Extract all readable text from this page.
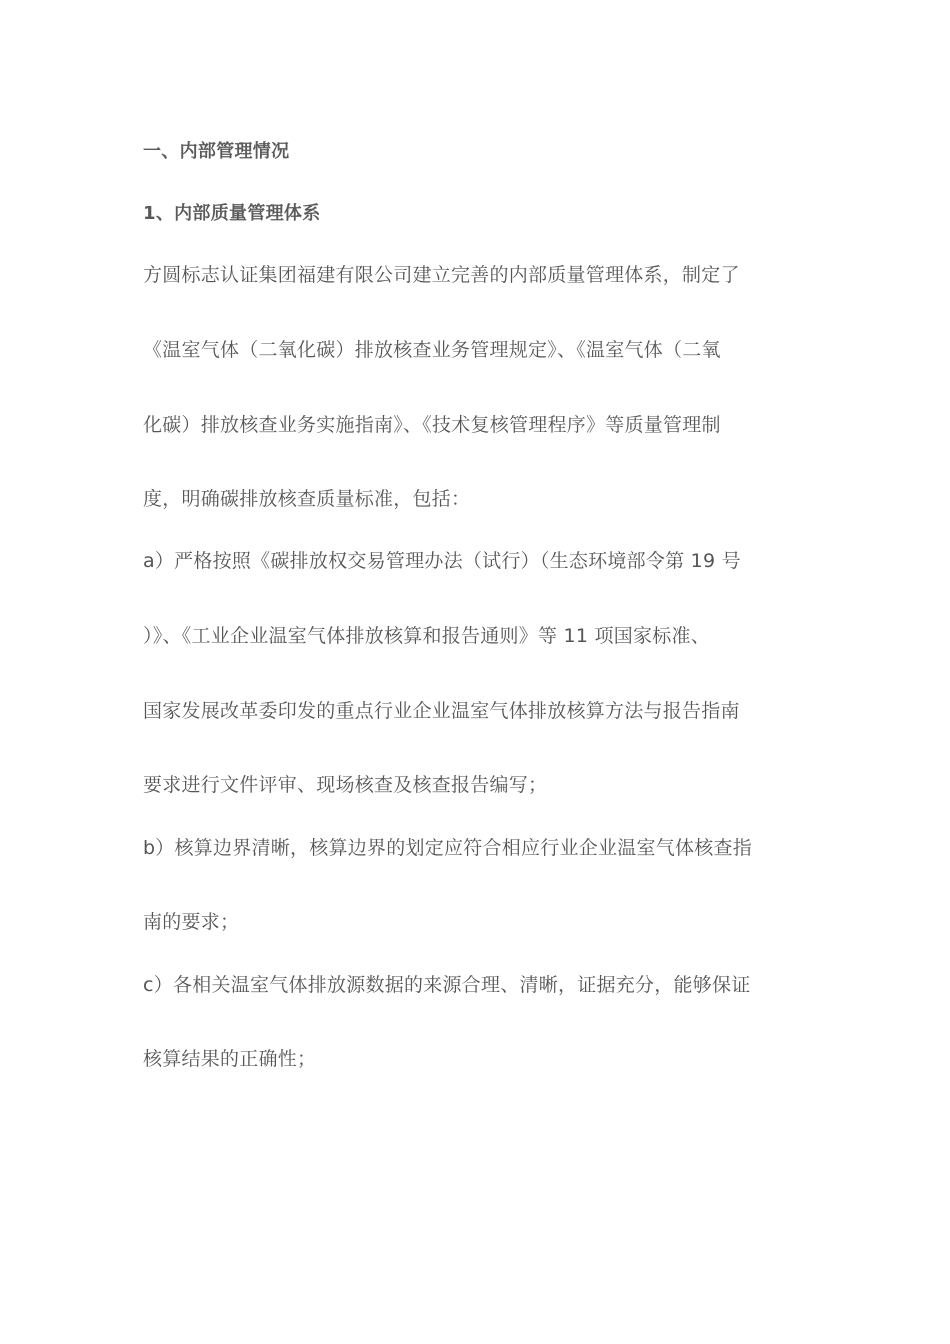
一、内部管理情况
1、内部质量管理体系
方圆标志认证集团福建有限公司建立完善的内部质量管理体系，制定了
《温室气体（二氧化碳）排放核查业务管理规定》、《温室气体（二氧
化碳）排放核查业务实施指南》、《技术复核管理程序》等质量管理制
度，明确碳排放核查质量标准，包括：
a）严格按照《碳排放权交易管理办法（试行）（生态环境部令第 19 号
）》、《工业企业温室气体排放核算和报告通则》等 11 项国家标准、
国家发展改革委印发的重点行业企业温室气体排放核算方法与报告指南
要求进行文件评审、现场核查及核查报告编写；
b）核算边界清晰，核算边界的划定应符合相应行业企业温室气体核查指
南的要求；
c）各相关温室气体排放源数据的来源合理、清晰，证据充分，能够保证
核算结果的正确性；
